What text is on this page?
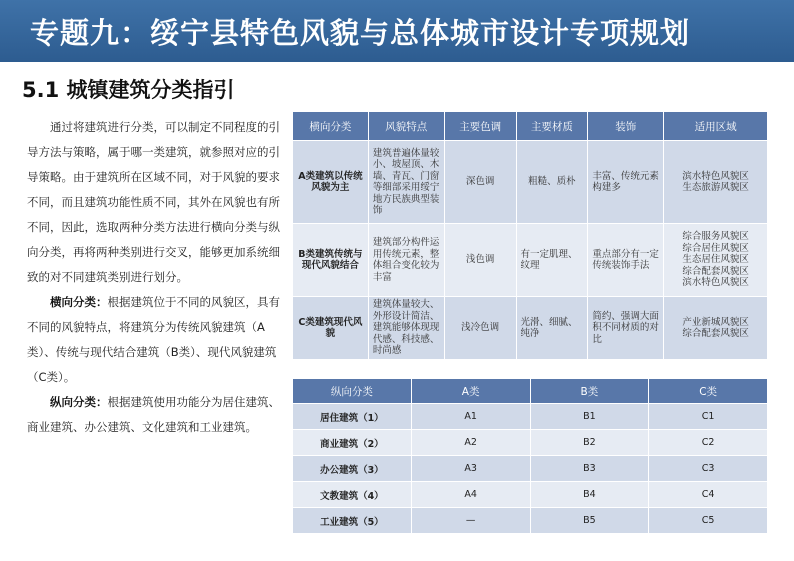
专题九：绥宁县特色风貌与总体城市设计专项规划
5.1 城镇建筑分类指引

通过将建筑进行分类，可以制定不同程度的引导方法与策略，属于哪一类建筑，就参照对应的引导策略。由于建筑所在区域不同，对于风貌的要求不同，而且建筑功能性质不同，其外在风貌也有所不同，因此，选取两种分类方法进行横向分类与纵向分类，再将两种类别进行交叉，能够更加系统细致的对不同建筑类别进行划分。

横向分类：根据建筑位于不同的风貌区，具有不同的风貌特点，将建筑分为传统风貌建筑（A类）、传统与现代结合建筑（B类）、现代风貌建筑（C类）。

纵向分类：根据建筑使用功能分为居住建筑、商业建筑、办公建筑、文化建筑和工业建筑。

横向分类	风貌特点	主要色调	主要材质	装饰	适用区域
A类建筑以传统风貌为主	建筑普遍体量较小、坡屋顶、木墙、青瓦、门窗等细部采用绥宁地方民族典型装饰	深色调	粗糙、质朴	丰富、传统元素构建多	滨水特色风貌区
生态旅游风貌区

B类建筑传统与现代风貌结合	建筑部分构件运用传统元素，整体组合变化较为丰富	浅色调	有一定肌理、纹理	重点部分有一定传统装饰手法	综合服务风貌区
综合居住风貌区
生态居住风貌区
综合配套风貌区
滨水特色风貌区

C类建筑现代风貌	建筑体量较大、外形设计简洁、建筑能够体现现代感、科技感、时尚感	浅冷色调	光滑、细腻、纯净	简约、强调大面积不同材质的对比	产业新城风貌区
综合配套风貌区
纵向分类	A类	B类	C类
居住建筑（1）	A1	B1	C1
商业建筑（2）	A2	B2	C2
办公建筑（3）	A3	B3	C3
文教建筑（4）	A4	B4	C4
工业建筑（5）	—	B5	C5
